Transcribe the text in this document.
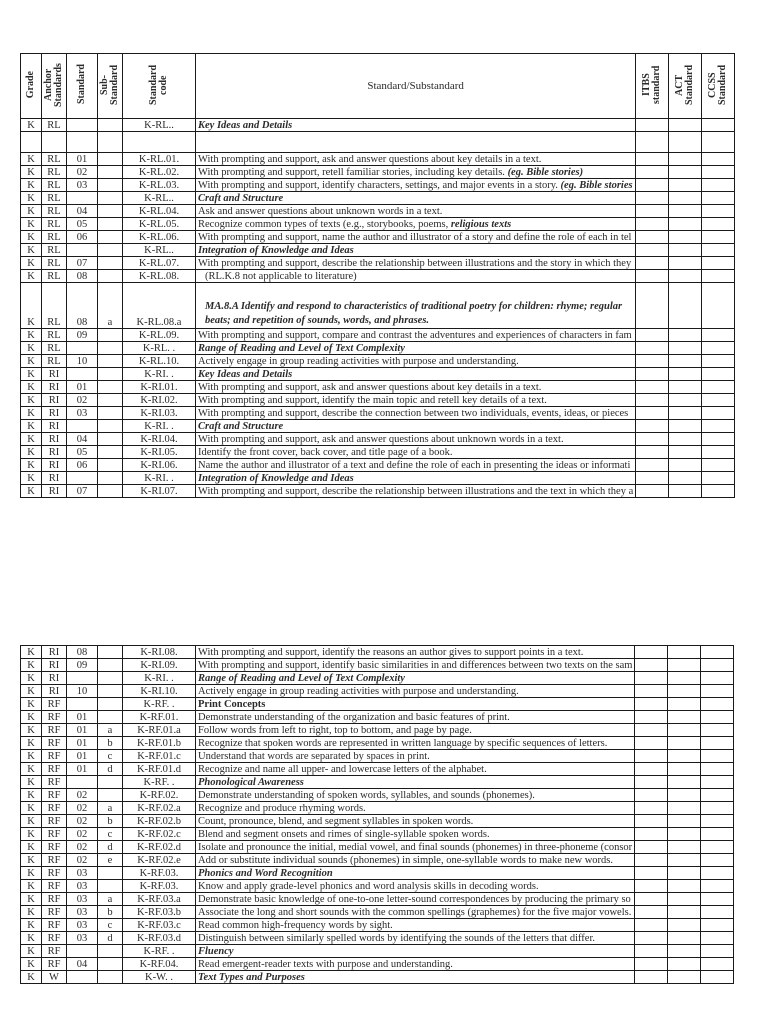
Grade	Anchor Standards	Standard	Sub-Standard	Standard code	Standard/Substandard	ITBS standard	ACT Standard	CCSS Standard
K	RL			K-RL..	Key Ideas and Details			

K	RL	01		K-RL.01.	With prompting and support, ask and answer questions about key details in a text.			
K	RL	02		K-RL.02.	With prompting and support, retell familiar stories, including key details. (eg. Bible stories)			
K	RL	03		K-RL.03.	With prompting and support, identify characters, settings, and major events in a story. (eg. Bible stories			
K	RL			K-RL..	Craft and Structure			
K	RL	04		K-RL.04.	Ask and answer questions about unknown words in a text.			
K	RL	05		K-RL.05.	Recognize common types of texts (e.g., storybooks, poems, religious texts			
K	RL	06		K-RL.06.	With prompting and support, name the author and illustrator of a story and define the role of each in tel			
K	RL			K-RL..	Integration of Knowledge and Ideas			
K	RL	07		K-RL.07.	With prompting and support, describe the relationship between illustrations and the story in which they			
K	RL	08		K-RL.08.	(RL.K.8 not applicable to literature)			
K	RL	08	a	K-RL.08.a	MA.8.A Identify and respond to characteristics of traditional poetry for children: rhyme; regular beats; and repetition of sounds, words, and phrases.			
K	RL	09		K-RL.09.	With prompting and support, compare and contrast the adventures and experiences of characters in fam			
K	RL			K-RL. .	Range of Reading and Level of Text Complexity			
K	RL	10		K-RL.10.	Actively engage in group reading activities with purpose and understanding.			
K	RI			K-RI. .	Key Ideas and Details			
K	RI	01		K-RI.01.	With prompting and support, ask and answer questions about key details in a text.			
K	RI	02		K-RI.02.	With prompting and support, identify the main topic and retell key details of a text.			
K	RI	03		K-RI.03.	With prompting and support, describe the connection between two individuals, events, ideas, or pieces			
K	RI			K-RI. .	Craft and Structure			
K	RI	04		K-RI.04.	With prompting and support, ask and answer questions about unknown words in a text.			
K	RI	05		K-RI.05.	Identify the front cover, back cover, and title page of a book.			
K	RI	06		K-RI.06.	Name the author and illustrator of a text and define the role of each in presenting the ideas or informati			
K	RI			K-RI. .	Integration of Knowledge and Ideas			
K	RI	07		K-RI.07.	With prompting and support, describe the relationship between illustrations and the text in which they a			
K	RI	08		K-RI.08.	With prompting and support, identify the reasons an author gives to support points in a text.			
K	RI	09		K-RI.09.	With prompting and support, identify basic similarities in and differences between two texts on the sam			
K	RI			K-RI. .	Range of Reading and Level of Text Complexity			
K	RI	10		K-RI.10.	Actively engage in group reading activities with purpose and understanding.			
K	RF			K-RF. .	Print Concepts			
K	RF	01		K-RF.01.	Demonstrate understanding of the organization and basic features of print.			
K	RF	01	a	K-RF.01.a	Follow words from left to right, top to bottom, and page by page.			
K	RF	01	b	K-RF.01.b	Recognize that spoken words are represented in written language by specific sequences of letters.			
K	RF	01	c	K-RF.01.c	Understand that words are separated by spaces in print.			
K	RF	01	d	K-RF.01.d	Recognize and name all upper- and lowercase letters of the alphabet.			
K	RF			K-RF. .	Phonological Awareness			
K	RF	02		K-RF.02.	Demonstrate understanding of spoken words, syllables, and sounds (phonemes).			
K	RF	02	a	K-RF.02.a	Recognize and produce rhyming words.			
K	RF	02	b	K-RF.02.b	Count, pronounce, blend, and segment syllables in spoken words.			
K	RF	02	c	K-RF.02.c	Blend and segment onsets and rimes of single-syllable spoken words.			
K	RF	02	d	K-RF.02.d	Isolate and pronounce the initial, medial vowel, and final sounds (phonemes) in three-phoneme (consor			
K	RF	02	e	K-RF.02.e	Add or substitute individual sounds (phonemes) in simple, one-syllable words to make new words.			
K	RF	03		K-RF.03.	Phonics and Word Recognition			
K	RF	03		K-RF.03.	Know and apply grade-level phonics and word analysis skills in decoding words.			
K	RF	03	a	K-RF.03.a	Demonstrate basic knowledge of one-to-one letter-sound correspondences by producing the primary so			
K	RF	03	b	K-RF.03.b	Associate the long and short sounds with the common spellings (graphemes) for the five major vowels.			
K	RF	03	c	K-RF.03.c	Read common high-frequency words by sight.			
K	RF	03	d	K-RF.03.d	Distinguish between similarly spelled words by identifying the sounds of the letters that differ.			
K	RF			K-RF. .	Fluency			
K	RF	04		K-RF.04.	Read emergent-reader texts with purpose and understanding.			
K	W			K-W. .	Text Types and Purposes			
